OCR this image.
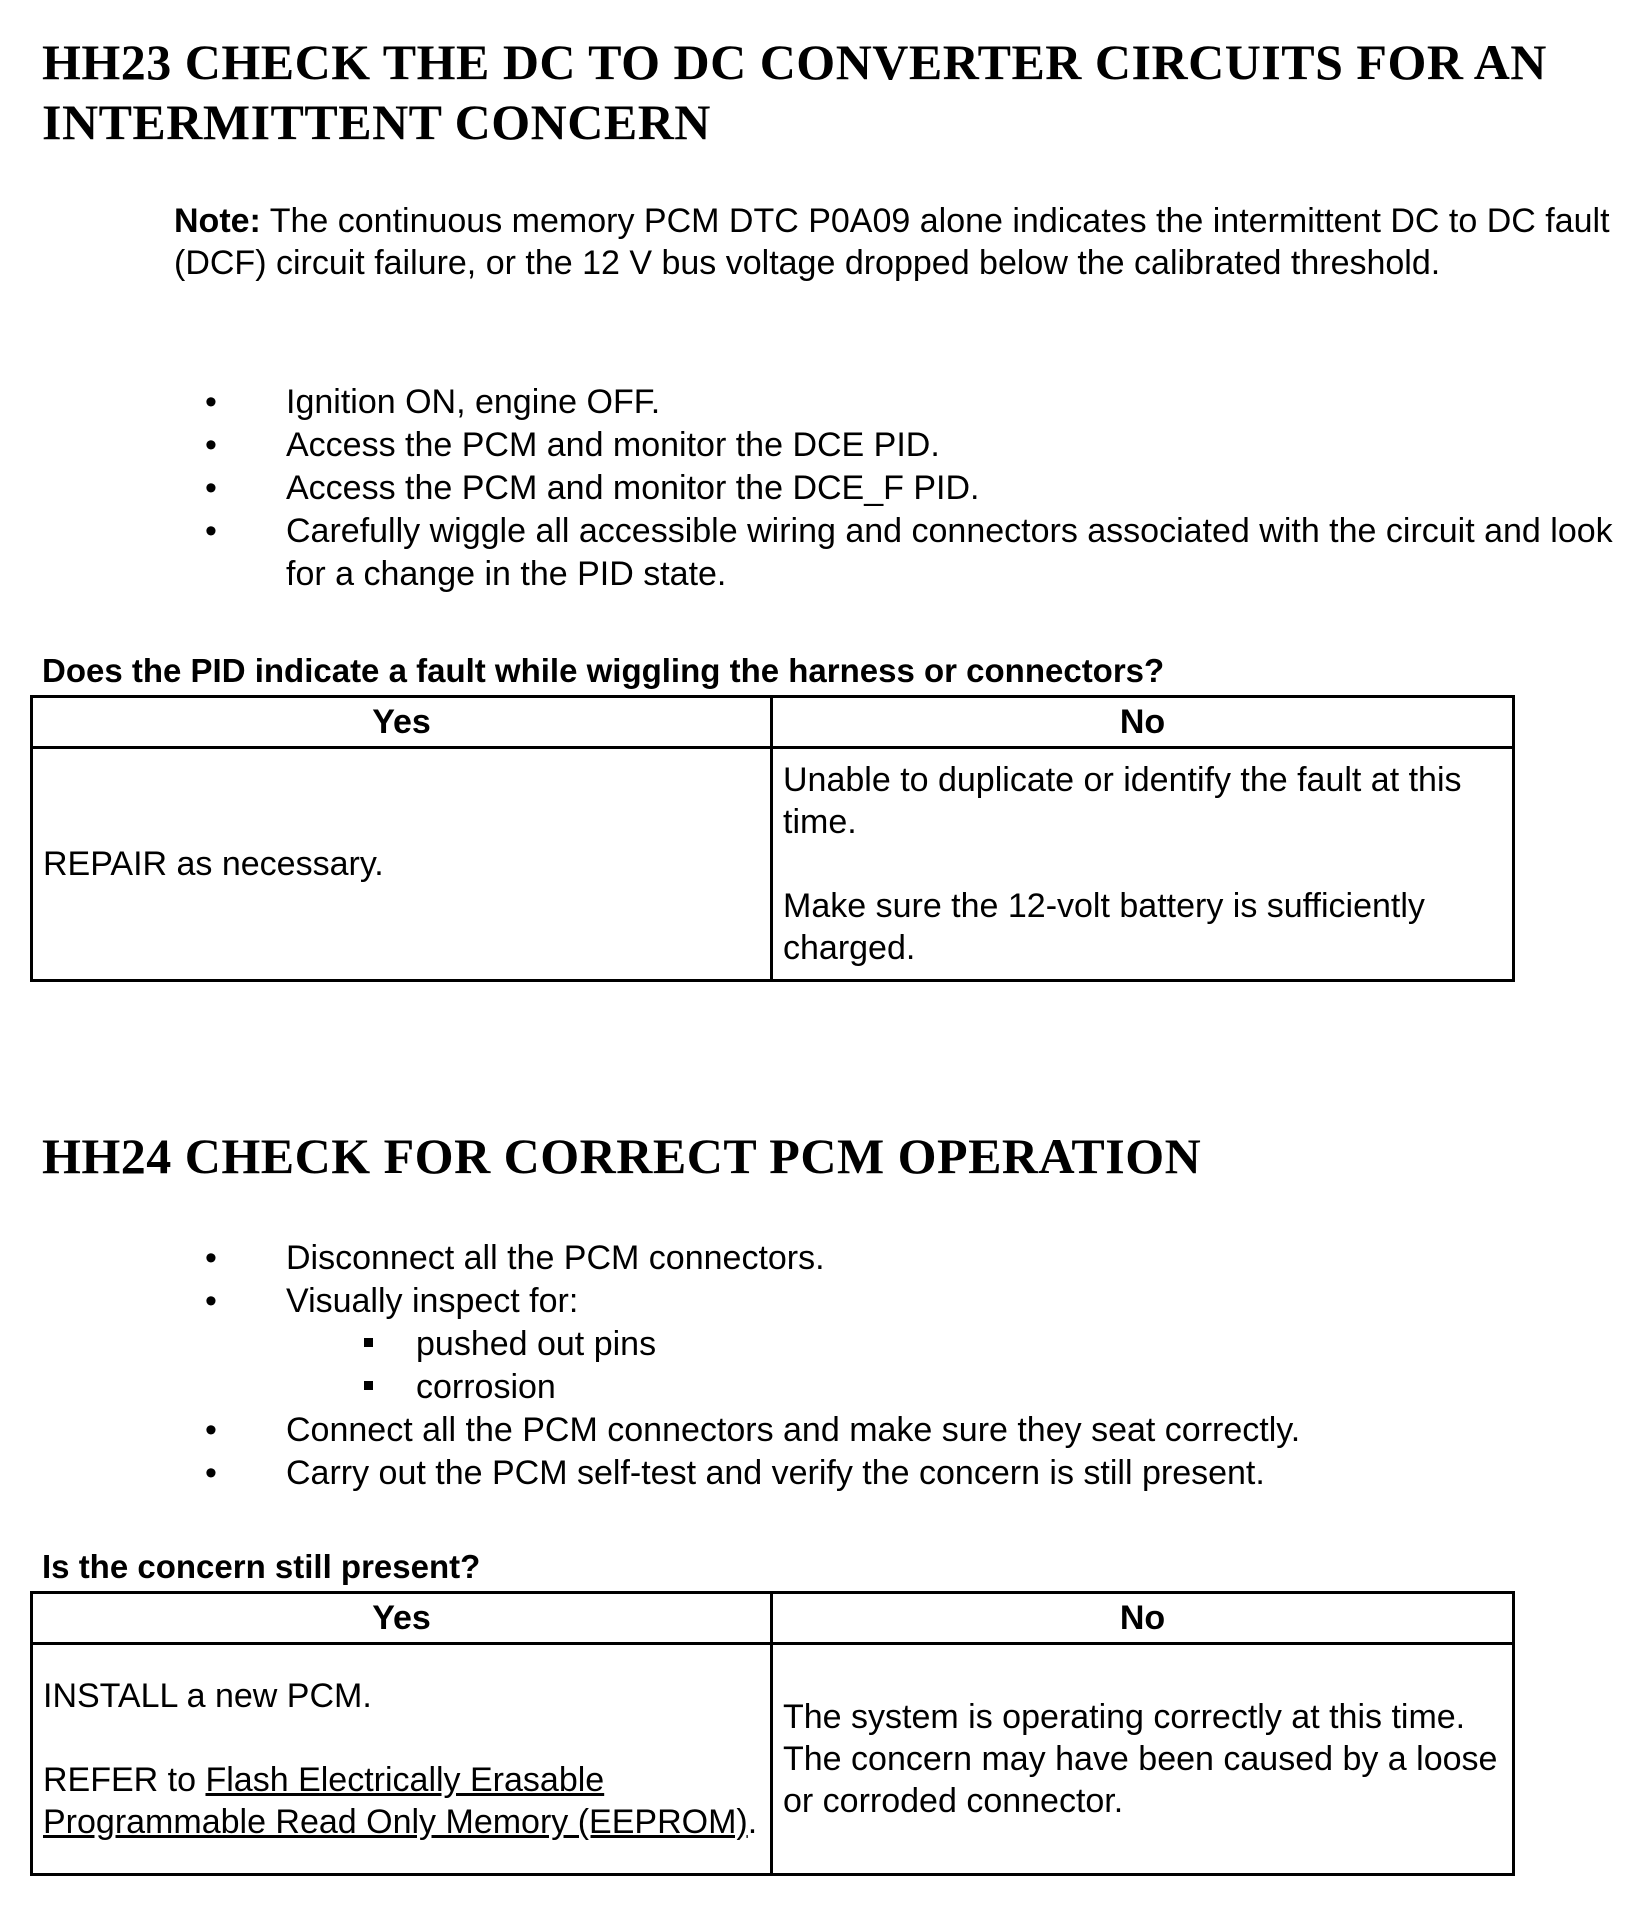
HH23 CHECK THE DC TO DC CONVERTER CIRCUITS FOR AN INTERMITTENT CONCERN

Note: The continuous memory PCM DTC P0A09 alone indicates the intermittent DC to DC fault (DCF) circuit failure, or the 12 V bus voltage dropped below the calibrated threshold.

• Ignition ON, engine OFF.
• Access the PCM and monitor the DCE PID.
• Access the PCM and monitor the DCE_F PID.
• Carefully wiggle all accessible wiring and connectors associated with the circuit and look for a change in the PID state.

Does the PID indicate a fault while wiggling the harness or connectors?

Yes	No
REPAIR as necessary.	Unable to duplicate or identify the fault at this time.

Make sure the 12-volt battery is sufficiently charged.

HH24 CHECK FOR CORRECT PCM OPERATION
• Disconnect all the PCM connectors.
• Visually inspect for:
pushed out pins
corrosion
• Connect all the PCM connectors and make sure they seat correctly.
• Carry out the PCM self-test and verify the concern is still present.

Is the concern still present?

Yes	No

INSTALL a new PCM.

REFER to Flash Electrically Erasable Programmable Read Only Memory (EEPROM).	The system is operating correctly at this time. The concern may have been caused by a loose or corroded connector.
